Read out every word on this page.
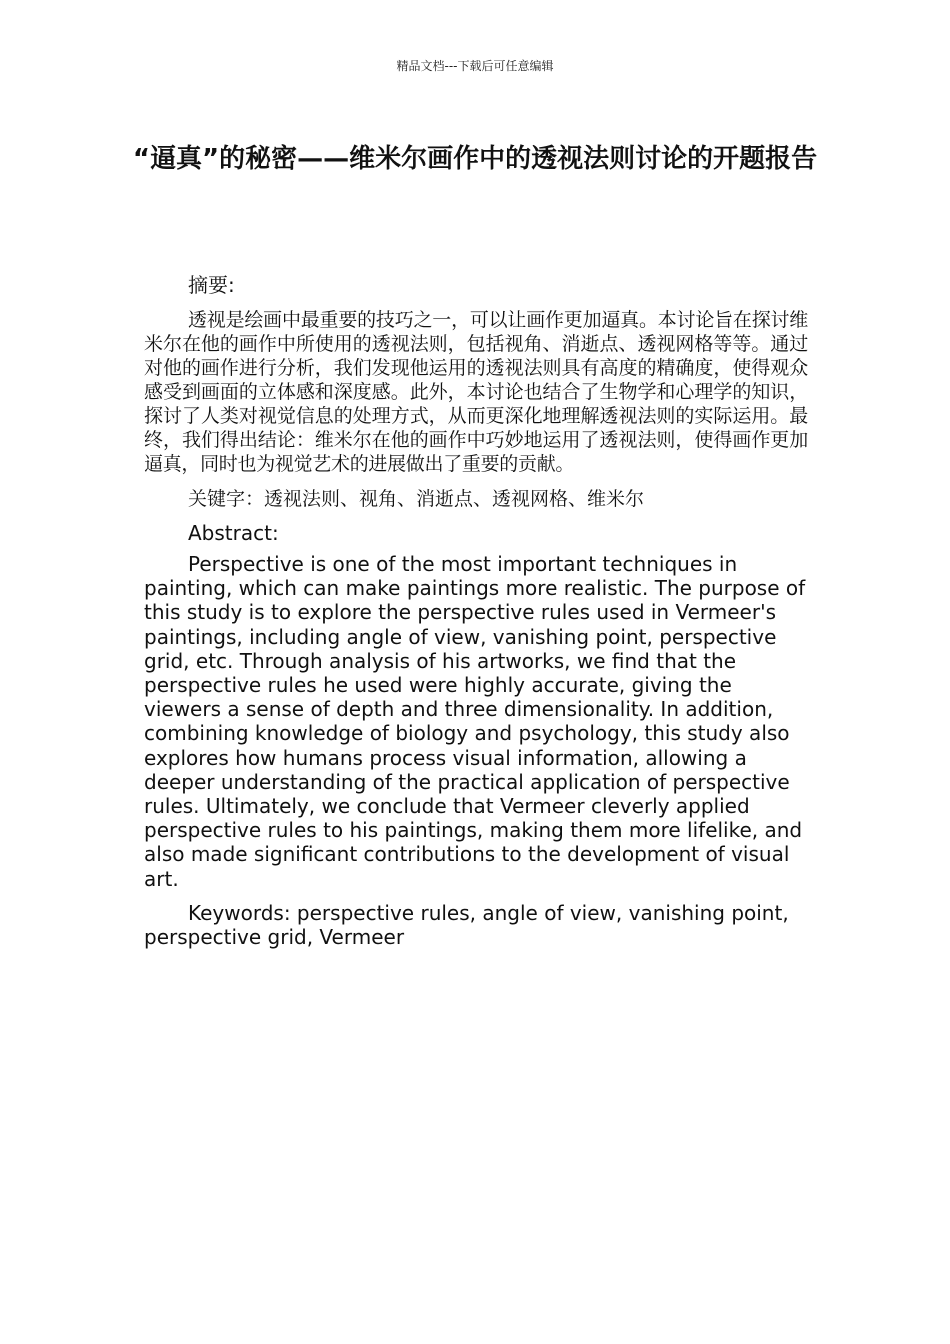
精品文档---下载后可任意编辑
“逼真”的秘密——维米尔画作中的透视法则讨论的开题报告

摘要:

透视是绘画中最重要的技巧之一，可以让画作更加逼真。本讨论旨在探讨维米尔在他的画作中所使用的透视法则，包括视角、消逝点、透视网格等等。通过对他的画作进行分析，我们发现他运用的透视法则具有高度的精确度，使得观众感受到画面的立体感和深度感。此外，本讨论也结合了生物学和心理学的知识，探讨了人类对视觉信息的处理方式，从而更深化地理解透视法则的实际运用。最终，我们得出结论：维米尔在他的画作中巧妙地运用了透视法则，使得画作更加逼真，同时也为视觉艺术的进展做出了重要的贡献。

关键字：透视法则、视角、消逝点、透视网格、维米尔

Abstract:

Perspective is one of the most important techniques in painting, which can make paintings more realistic. The purpose of this study is to explore the perspective rules used in Vermeer's paintings, including angle of view, vanishing point, perspective grid, etc. Through analysis of his artworks, we find that the perspective rules he used were highly accurate, giving the viewers a sense of depth and three dimensionality. In addition, combining knowledge of biology and psychology, this study also explores how humans process visual information, allowing a deeper understanding of the practical application of perspective rules. Ultimately, we conclude that Vermeer cleverly applied perspective rules to his paintings, making them more lifelike, and also made significant contributions to the development of visual art.

Keywords: perspective rules, angle of view, vanishing point, perspective grid, Vermeer
